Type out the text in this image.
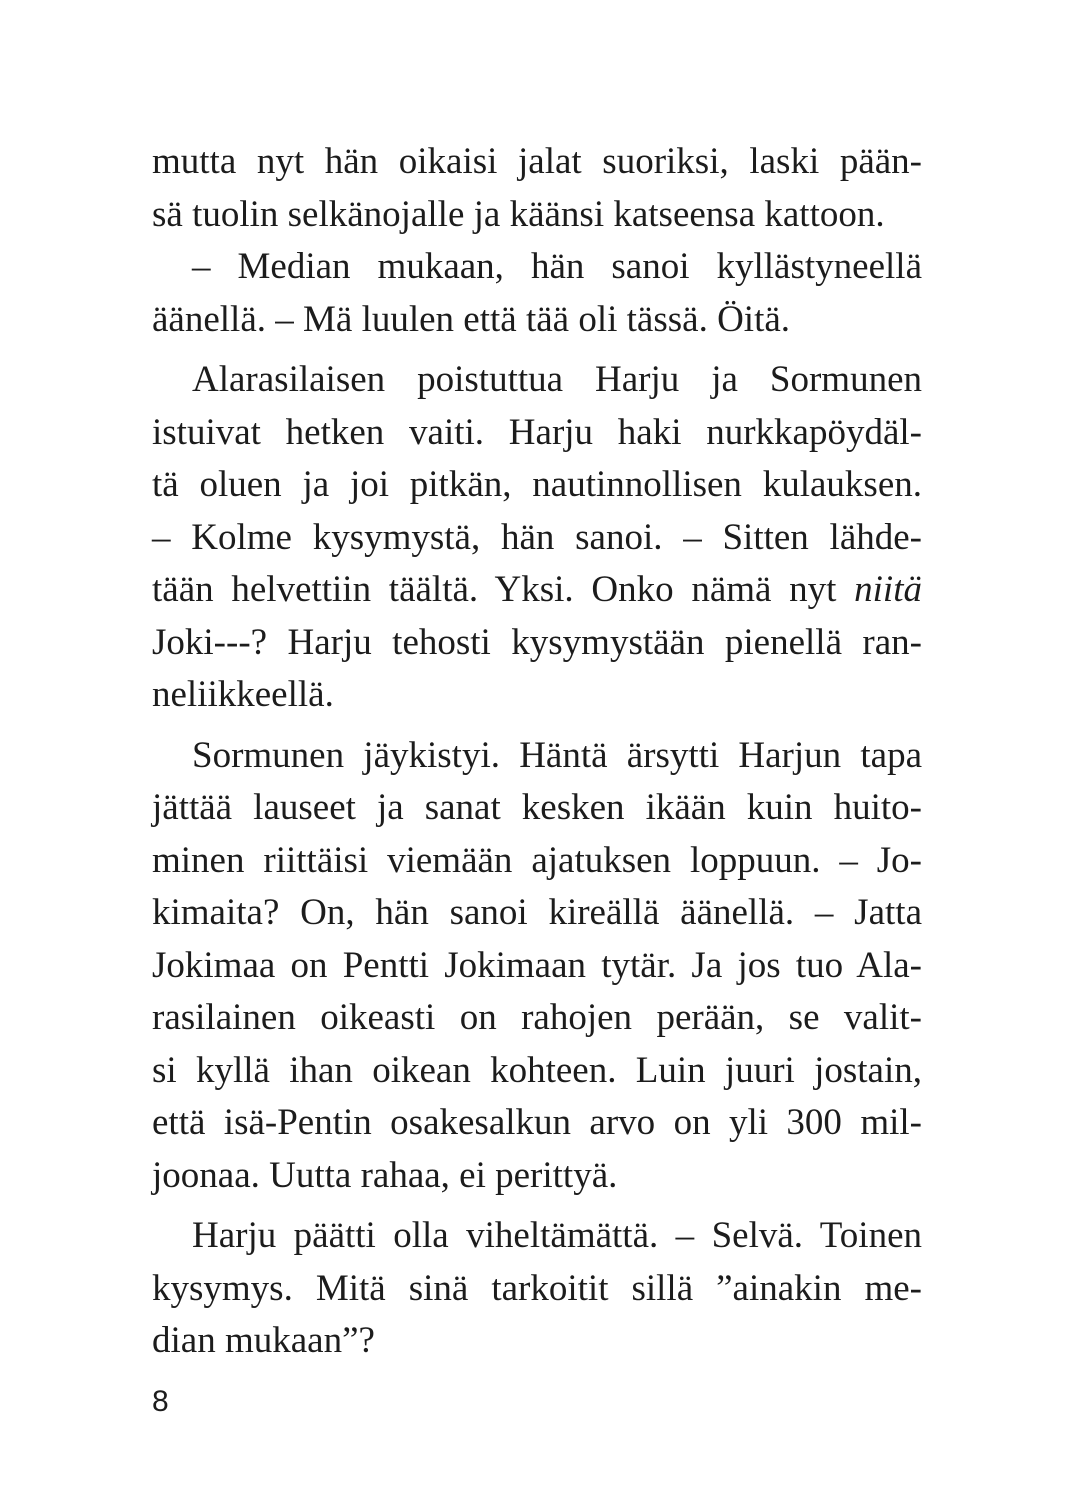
mutta nyt hän oikaisi jalat suoriksi, laski pään-
sä tuolin selkänojalle ja käänsi katseensa kattoon.
– Median mukaan, hän sanoi kyllästyneellä
äänellä. – Mä luulen että tää oli tässä. Öitä.
Alarasilaisen poistuttua Harju ja Sormunen
istuivat hetken vaiti. Harju haki nurkkapöydäl-
tä oluen ja joi pitkän, nautinnollisen kulauksen.
– Kolme kysymystä, hän sanoi. – Sitten lähde-
tään helvettiin täältä. Yksi. Onko nämä nyt niitä
Joki---? Harju tehosti kysymystään pienellä ran-
neliikkeellä.
Sormunen jäykistyi. Häntä ärsytti Harjun tapa
jättää lauseet ja sanat kesken ikään kuin huito-
minen riittäisi viemään ajatuksen loppuun. – Jo-
kimaita? On, hän sanoi kireällä äänellä. – Jatta
Jokimaa on Pentti Jokimaan tytär. Ja jos tuo Ala-
rasilainen oikeasti on rahojen perään, se valit-
si kyllä ihan oikean kohteen. Luin juuri jostain,
että isä-Pentin osakesalkun arvo on yli 300 mil-
joonaa. Uutta rahaa, ei perittyä.
Harju päätti olla viheltämättä. – Selvä. Toinen
kysymys. Mitä sinä tarkoitit sillä ”ainakin me-
dian mukaan”?
8
